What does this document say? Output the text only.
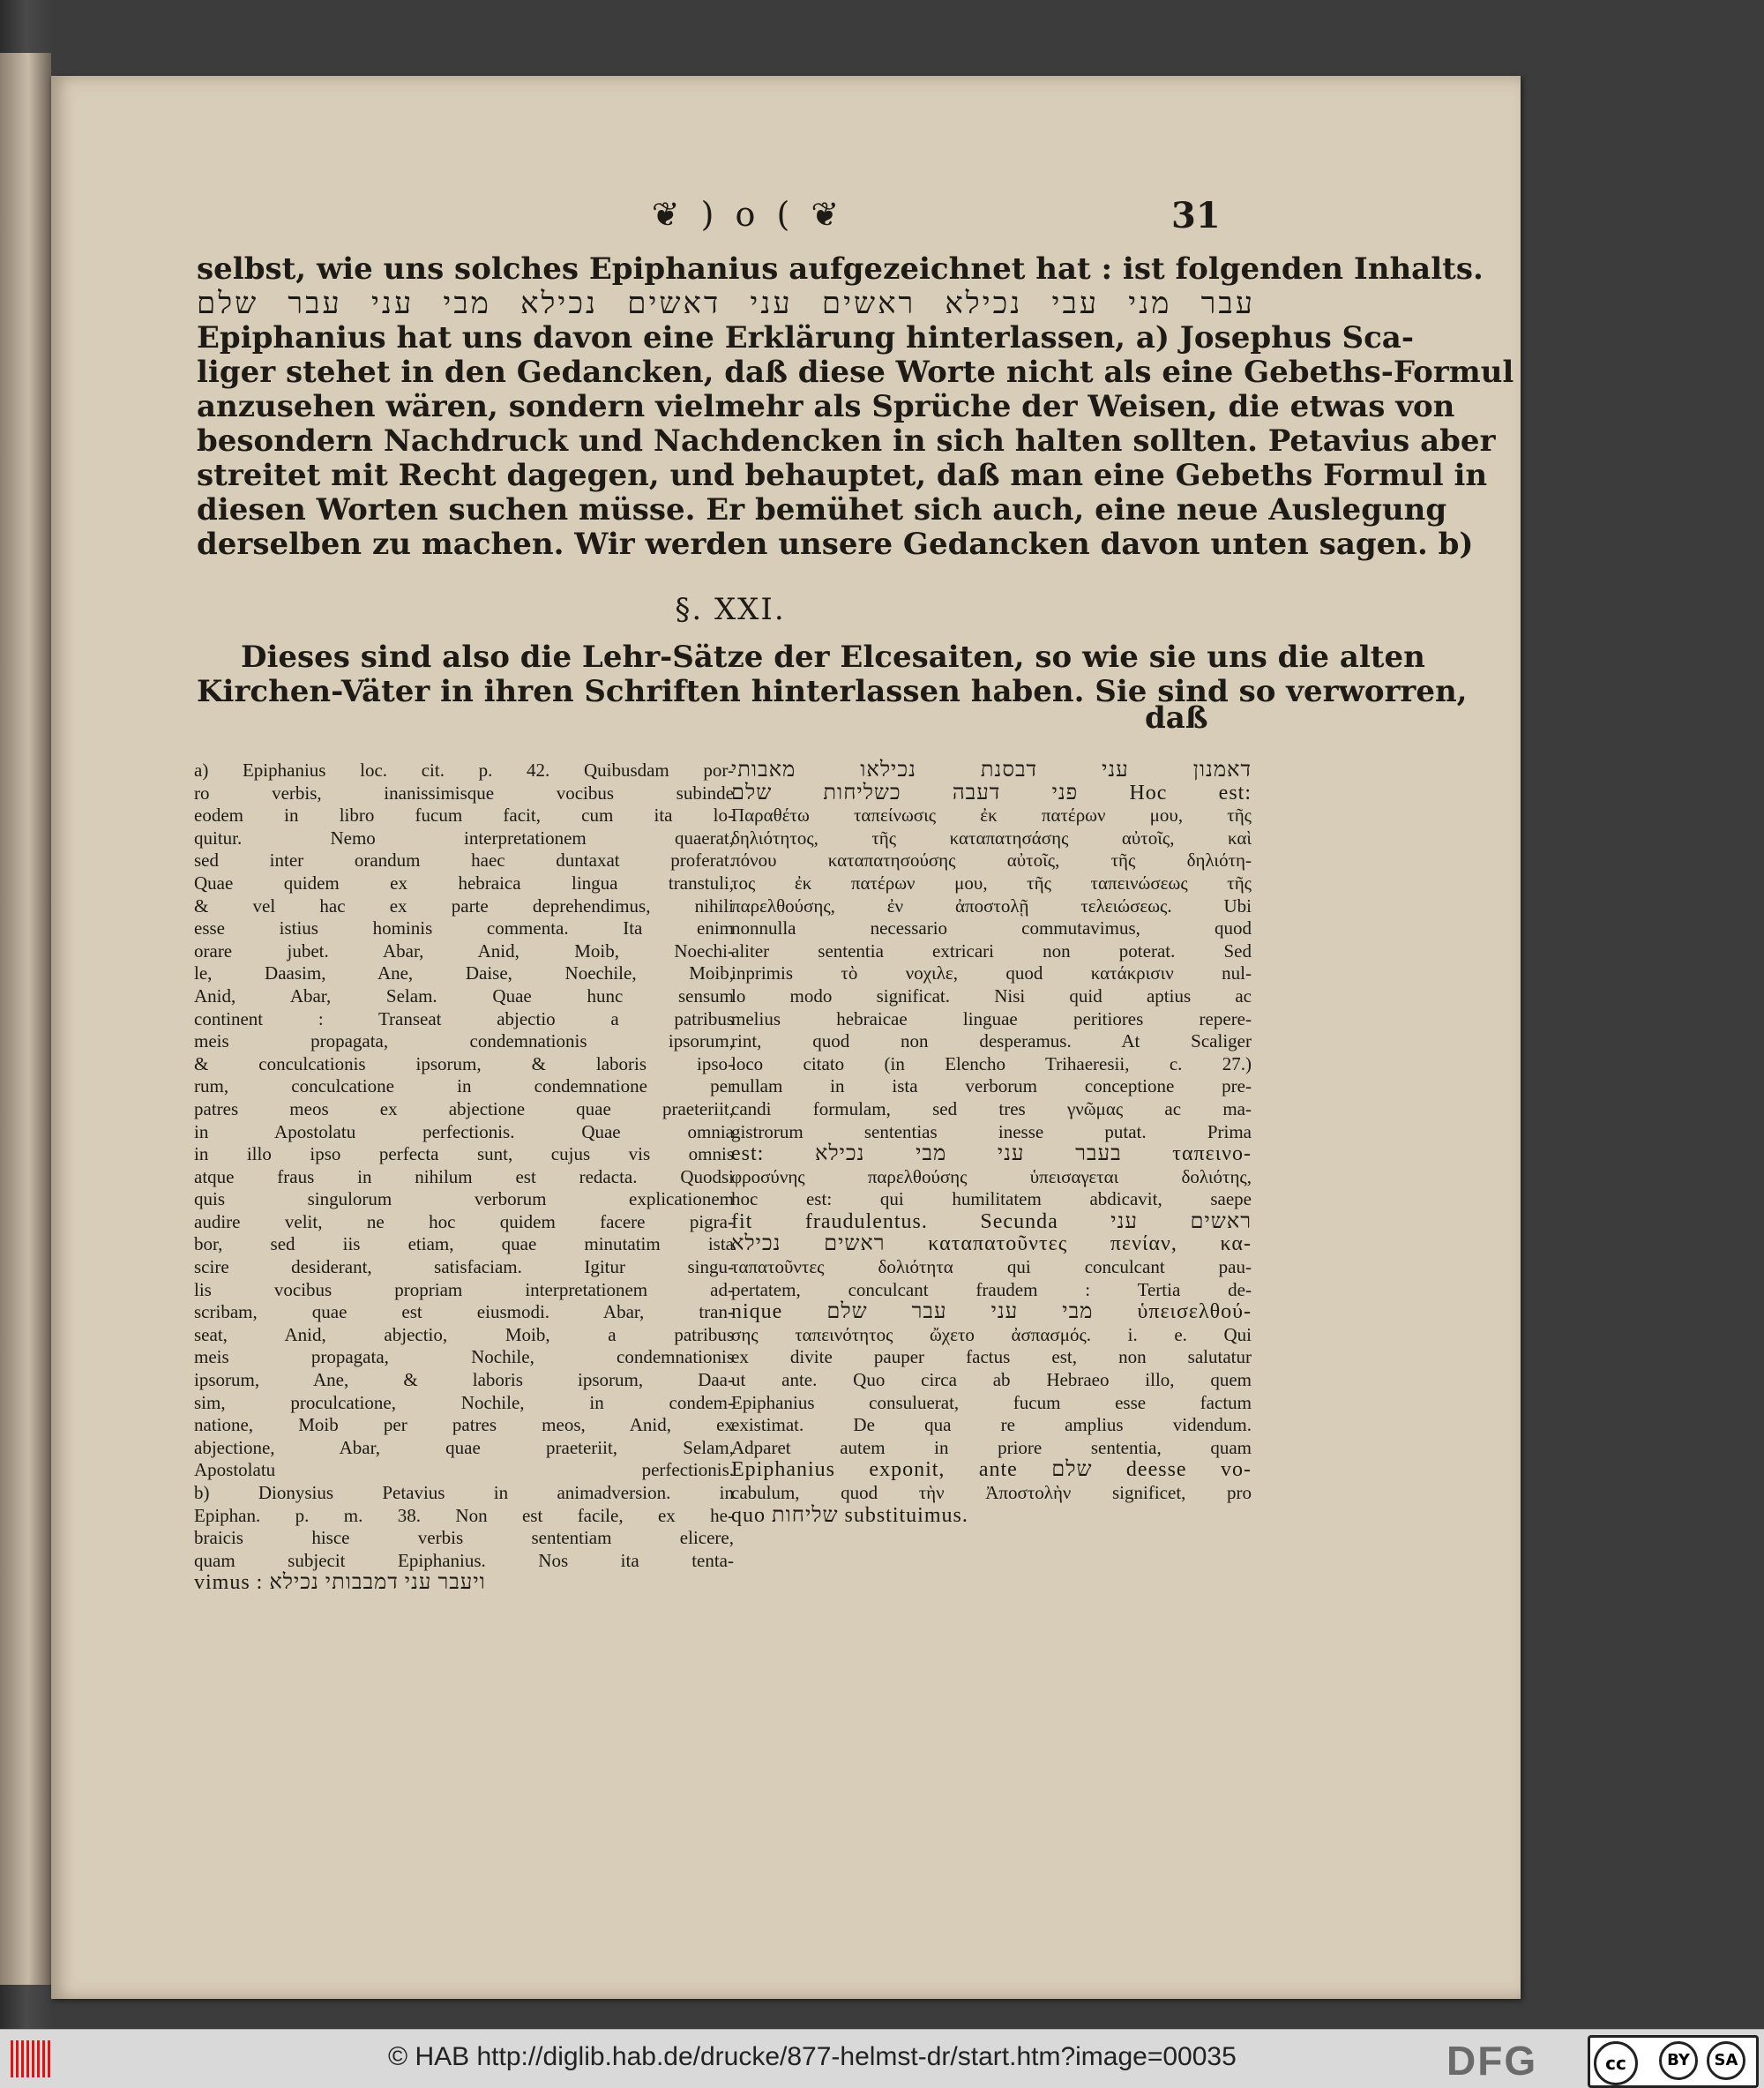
❦ ) o ( ❦	31
selbst, wie uns solches Epiphanius aufgezeichnet hat : ist folgenden Inhalts.
עבר מני עבי נכילא ראשים עני דאשים נכילא מבי עני עבר שלם
Epiphanius hat uns davon eine Erklärung hinterlassen, a) Josephus Sca-
liger stehet in den Gedancken, daß diese Worte nicht als eine Gebeths-Formul
anzusehen wären, sondern vielmehr als Sprüche der Weisen, die etwas von
besondern Nachdruck und Nachdencken in sich halten sollten. Petavius aber
streitet mit Recht dagegen, und behauptet, daß man eine Gebeths Formul in
diesen Worten suchen müsse. Er bemühet sich auch, eine neue Auslegung
derselben zu machen. Wir werden unsere Gedancken davon unten sagen. b)
§. XXI.
Dieses sind also die Lehr-Sätze der Elcesaiten, so wie sie uns die alten
Kirchen-Väter in ihren Schriften hinterlassen haben. Sie sind so verworren,
daß
a) Epiphanius loc. cit. p. 42. Quibusdam por-
ro verbis, inanissimisque vocibus subinde
eodem in libro fucum facit, cum ita lo-
quitur. Nemo interpretationem quaerat,
sed inter orandum haec duntaxat proferat.
Quae quidem ex hebraica lingua transtuli,
& vel hac ex parte deprehendimus, nihili
esse istius hominis commenta. Ita enim
orare jubet. Abar, Anid, Moib, Noechi-
le, Daasim, Ane, Daise, Noechile, Moib,
Anid, Abar, Selam. Quae hunc sensum
continent : Transeat abjectio a patribus
meis propagata, condemnationis ipsorum,
& conculcationis ipsorum, & laboris ipso-
rum, conculcatione in condemnatione per
patres meos ex abjectione quae praeteriit,
in Apostolatu perfectionis. Quae omnia
in illo ipso perfecta sunt, cujus vis omnis
atque fraus in nihilum est redacta. Quodsi
quis singulorum verborum explicationem
audire velit, ne hoc quidem facere pigra-
bor, sed iis etiam, quae minutatim ista
scire desiderant, satisfaciam. Igitur singu-
lis vocibus propriam interpretationem ad-
scribam, quae est eiusmodi. Abar, tran-
seat, Anid, abjectio, Moib, a patribus
meis propagata, Nochile, condemnationis
ipsorum, Ane, & laboris ipsorum, Daa-
sim, proculcatione, Nochile, in condem-
natione, Moib per patres meos, Anid, ex
abjectione, Abar, quae praeteriit, Selam,
Apostolatu perfectionis.
b) Dionysius Petavius in animadversion. in
Epiphan. p. m. 38. Non est facile, ex he-
braicis hisce verbis sententiam elicere,
quam subjecit Epiphanius. Nos ita tenta-
vimus : ויעבר עני דמבבותי נכילא
דאמנון עני דבסנת נכילאו מאבותי
פני דעבה כשליחות שלם Hoc est:
Παραθέτω ταπείνωσις ἐκ πατέρων μου, τῆς
δηλιότητος, τῆς καταπατησάσης αὐτοῖς, καὶ
πόνου καταπατησούσης αὐτοῖς, τῆς δηλιότη-
τος ἐκ πατέρων μου, τῆς ταπεινώσεως τῆς
παρελθούσης, ἐν ἀποστολῇ τελειώσεως. Ubi
nonnulla necessario commutavimus, quod
aliter sententia extricari non poterat. Sed
inprimis τὸ νοχιλε, quod κατάκρισιν nul-
lo modo significat. Nisi quid aptius ac
melius hebraicae linguae peritiores repere-
rint, quod non desperamus. At Scaliger
loco citato (in Elencho Trihaeresii, c. 27.)
nullam in ista verborum conceptione pre-
candi formulam, sed tres γνῶμας ac ma-
gistrorum sententias inesse putat. Prima
est: בעבר עני מבי נכילא ταπεινο-
φροσύνης παρελθούσης ὑπεισαγεται δολιότης,
hoc est: qui humilitatem abdicavit, saepe
fit fraudulentus. Secunda ראשים עני
ראשים נכילא καταπατοῦντες πενίαν, κα-
ταπατοῦντες δολιότητα qui conculcant pau-
pertatem, conculcant fraudem : Tertia de-
nique מבי עני עבר שלם ὑπεισελθού-
σης ταπεινότητος ὤχετο ἀσπασμός. i. e. Qui
ex divite pauper factus est, non salutatur
ut ante. Quo circa ab Hebraeo illo, quem
Epiphanius consuluerat, fucum esse factum
existimat. De qua re amplius videndum.
Adparet autem in priore sententia, quam
Epiphanius exponit, ante שלם deesse vo-
cabulum, quod τὴν Ἀποστολὴν significet, pro
quo שליחות substituimus.
© HAB http://diglib.hab.de/drucke/877-helmst-dr/start.htm?image=00035	DFG	cc	BY	SA
